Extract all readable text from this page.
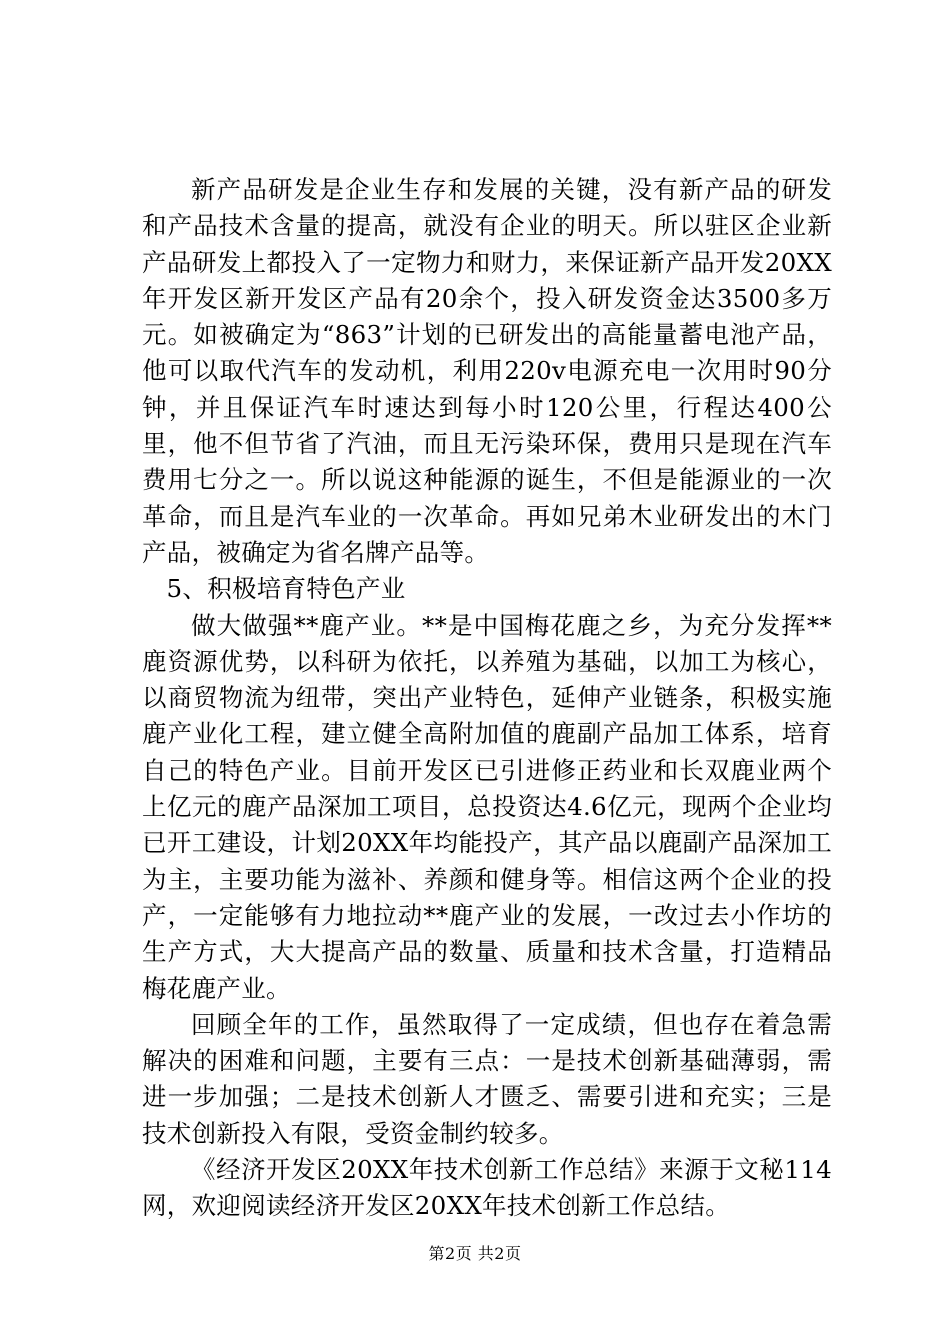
新产品研发是企业生存和发展的关键，没有新产品的研发和产品技术含量的提高，就没有企业的明天。所以驻区企业新产品研发上都投入了一定物力和财力，来保证新产品开发20XX年开发区新开发区产品有20余个，投入研发资金达3500多万元。如被确定为“863”计划的已研发出的高能量蓄电池产品，他可以取代汽车的发动机，利用220v电源充电一次用时90分钟，并且保证汽车时速达到每小时120公里，行程达400公里，他不但节省了汽油，而且无污染环保，费用只是现在汽车费用七分之一。所以说这种能源的诞生，不但是能源业的一次革命，而且是汽车业的一次革命。再如兄弟木业研发出的木门产品，被确定为省名牌产品等。

5、积极培育特色产业

做大做强**鹿产业。**是中国梅花鹿之乡，为充分发挥**鹿资源优势，以科研为依托，以养殖为基础，以加工为核心，以商贸物流为纽带，突出产业特色，延伸产业链条，积极实施鹿产业化工程，建立健全高附加值的鹿副产品加工体系，培育自己的特色产业。目前开发区已引进修正药业和长双鹿业两个上亿元的鹿产品深加工项目，总投资达4.6亿元，现两个企业均已开工建设，计划20XX年均能投产，其产品以鹿副产品深加工为主，主要功能为滋补、养颜和健身等。相信这两个企业的投产，一定能够有力地拉动**鹿产业的发展，一改过去小作坊的生产方式，大大提高产品的数量、质量和技术含量，打造精品梅花鹿产业。

回顾全年的工作，虽然取得了一定成绩，但也存在着急需解决的困难和问题，主要有三点：一是技术创新基础薄弱，需进一步加强；二是技术创新人才匮乏、需要引进和充实；三是技术创新投入有限，受资金制约较多。

《经济开发区20XX年技术创新工作总结》来源于文秘114网，欢迎阅读经济开发区20XX年技术创新工作总结。

第2页 共2页
